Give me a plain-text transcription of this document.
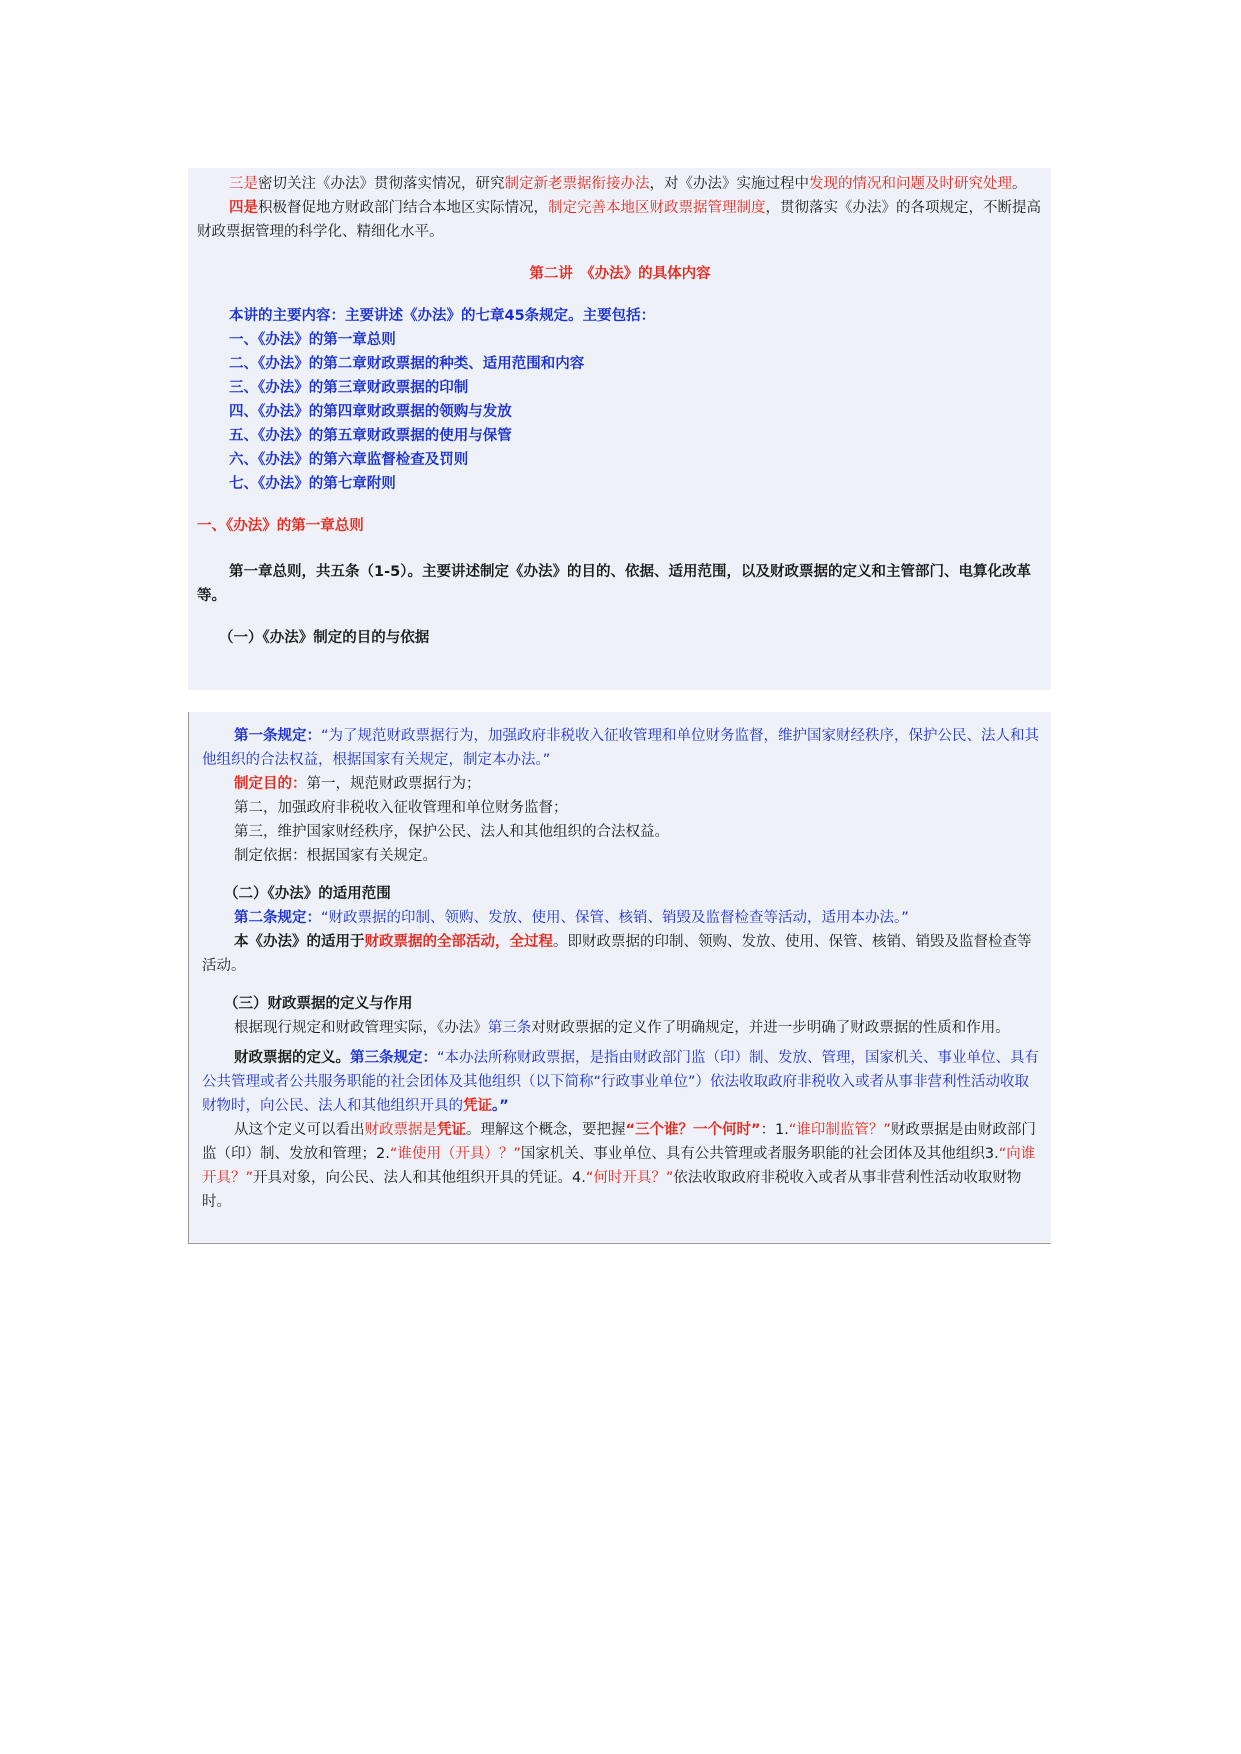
三是密切关注《办法》贯彻落实情况，研究制定新老票据衔接办法，对《办法》实施过程中发现的情况和问题及时研究处理。

四是积极督促地方财政部门结合本地区实际情况，制定完善本地区财政票据管理制度，贯彻落实《办法》的各项规定，不断提高财政票据管理的科学化、精细化水平。

第二讲　《办法》的具体内容

本讲的主要内容：主要讲述《办法》的七章45条规定。主要包括：

一、《办法》的第一章总则

二、《办法》的第二章财政票据的种类、适用范围和内容

三、《办法》的第三章财政票据的印制

四、《办法》的第四章财政票据的领购与发放

五、《办法》的第五章财政票据的使用与保管

六、《办法》的第六章监督检查及罚则

七、《办法》的第七章附则

一、《办法》的第一章总则

第一章总则，共五条（1-5）。主要讲述制定《办法》的目的、依据、适用范围，以及财政票据的定义和主管部门、电算化改革等。

（一）《办法》制定的目的与依据

第一条规定：“为了规范财政票据行为，加强政府非税收入征收管理和单位财务监督，维护国家财经秩序，保护公民、法人和其他组织的合法权益，根据国家有关规定，制定本办法。”

制定目的：第一，规范财政票据行为；

第二，加强政府非税收入征收管理和单位财务监督；

第三，维护国家财经秩序，保护公民、法人和其他组织的合法权益。

制定依据：根据国家有关规定。

（二）《办法》的适用范围

第二条规定：“财政票据的印制、领购、发放、使用、保管、核销、销毁及监督检查等活动，适用本办法。”

本《办法》的适用于财政票据的全部活动，全过程。即财政票据的印制、领购、发放、使用、保管、核销、销毁及监督检查等活动。

（三）财政票据的定义与作用

根据现行规定和财政管理实际，《办法》第三条对财政票据的定义作了明确规定，并进一步明确了财政票据的性质和作用。

财政票据的定义。第三条规定：“本办法所称财政票据，是指由财政部门监（印）制、发放、管理，国家机关、事业单位、具有公共管理或者公共服务职能的社会团体及其他组织（以下简称“行政事业单位”）依法收取政府非税收入或者从事非营利性活动收取财物时，向公民、法人和其他组织开具的凭证。”

从这个定义可以看出财政票据是凭证。理解这个概念，要把握“三个谁？一个何时”：1.“谁印制监管？”财政票据是由财政部门监（印）制、发放和管理；2.“谁使用（开具）？”国家机关、事业单位、具有公共管理或者服务职能的社会团体及其他组织3.“向谁开具？”开具对象，向公民、法人和其他组织开具的凭证。4.“何时开具？”依法收取政府非税收入或者从事非营利性活动收取财物时。
